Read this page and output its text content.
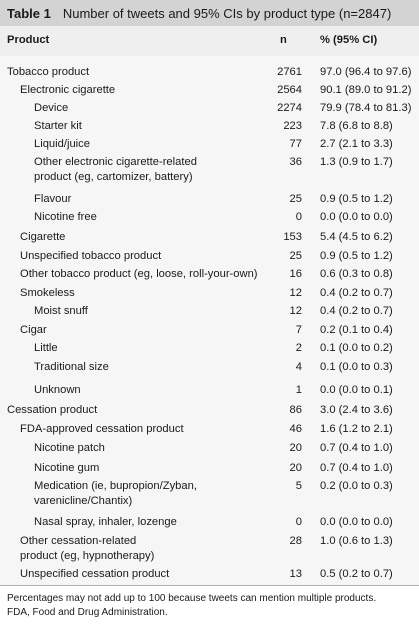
Table 1 Number of tweets and 95% CIs by product type (n=2847)
Product	n	% (95% CI)
Tobacco product	2761 97.0 (96.4 to 97.6)
Electronic cigarette	2564 90.1 (89.0 to 91.2)
Device	2274 79.9 (78.4 to 81.3)
Starter kit	223 7.8 (6.8 to 8.8)
Liquid/juice	77 2.7 (2.1 to 3.3)
Other electronic cigarette-related
product (eg, cartomizer, battery)
36 1.3 (0.9 to 1.7)
Flavour	25 0.9 (0.5 to 1.2)
Nicotine free	0 0.0 (0.0 to 0.0)
Cigarette	153 5.4 (4.5 to 6.2)
Unspecified tobacco product	25 0.9 (0.5 to 1.2)
Other tobacco product (eg, loose, roll-your-own)	16 0.6 (0.3 to 0.8)
Smokeless	12 0.4 (0.2 to 0.7)
Moist snuff	12 0.4 (0.2 to 0.7)
Cigar	7 0.2 (0.1 to 0.4)
Little	2 0.1 (0.0 to 0.2)
Traditional size	4 0.1 (0.0 to 0.3)
Unknown	1 0.0 (0.0 to 0.1)
Cessation product	86 3.0 (2.4 to 3.6)
FDA-approved cessation product	46 1.6 (1.2 to 2.1)
Nicotine patch	20 0.7 (0.4 to 1.0)
Nicotine gum	20 0.7 (0.4 to 1.0)
Medication (ie, bupropion/Zyban,
varenicline/Chantix)
5 0.2 (0.0 to 0.3)
Nasal spray, inhaler, lozenge	0 0.0 (0.0 to 0.0)
Other cessation-related
product (eg, hypnotherapy)
28 1.0 (0.6 to 1.3)
Unspecified cessation product	13 0.5 (0.2 to 0.7)
Percentages may not add up to 100 because tweets can mention multiple products.
FDA, Food and Drug Administration.
